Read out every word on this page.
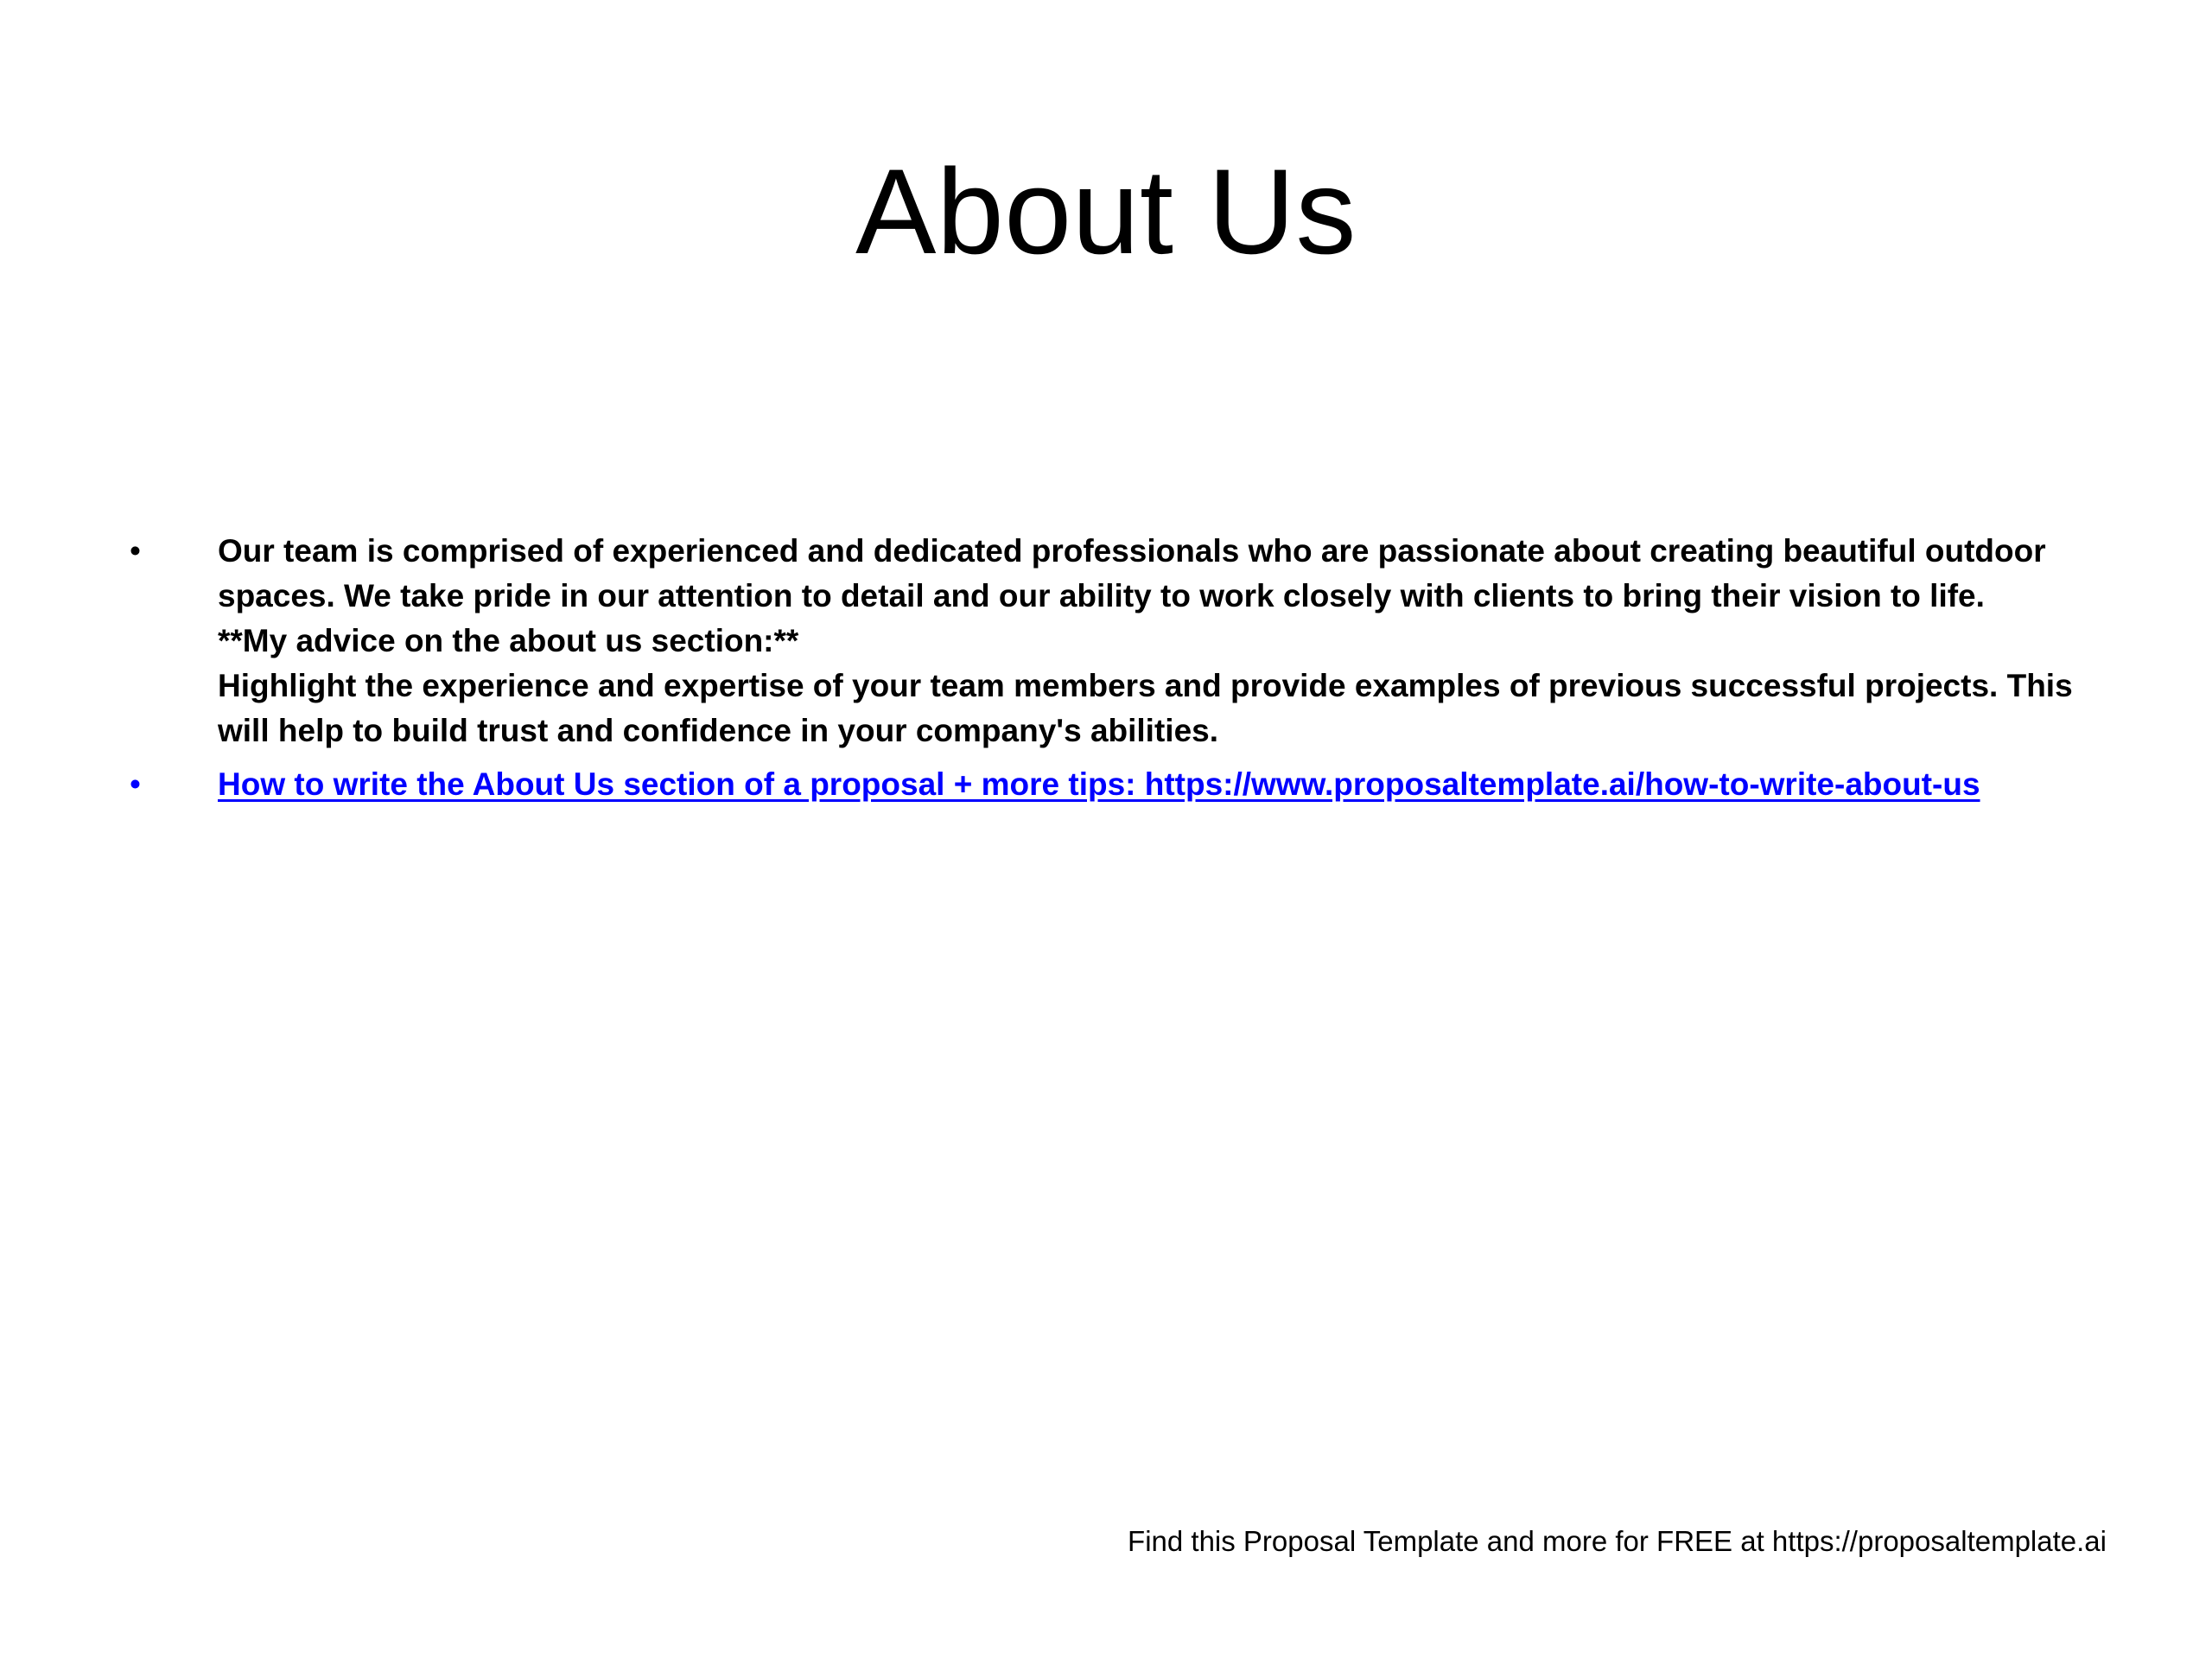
About Us
•	Our team is comprised of experienced and dedicated professionals who are passionate about creating beautiful outdoor
spaces. We take pride in our attention to detail and our ability to work closely with clients to bring their vision to life.
**My advice on the about us section:**
Highlight the experience and expertise of your team members and provide examples of previous successful projects. This
will help to build trust and confidence in your company's abilities.
•	How to write the About Us section of a proposal + more tips: https://www.proposaltemplate.ai/how-to-write-about-us
Find this Proposal Template and more for FREE at https://proposaltemplate.ai
